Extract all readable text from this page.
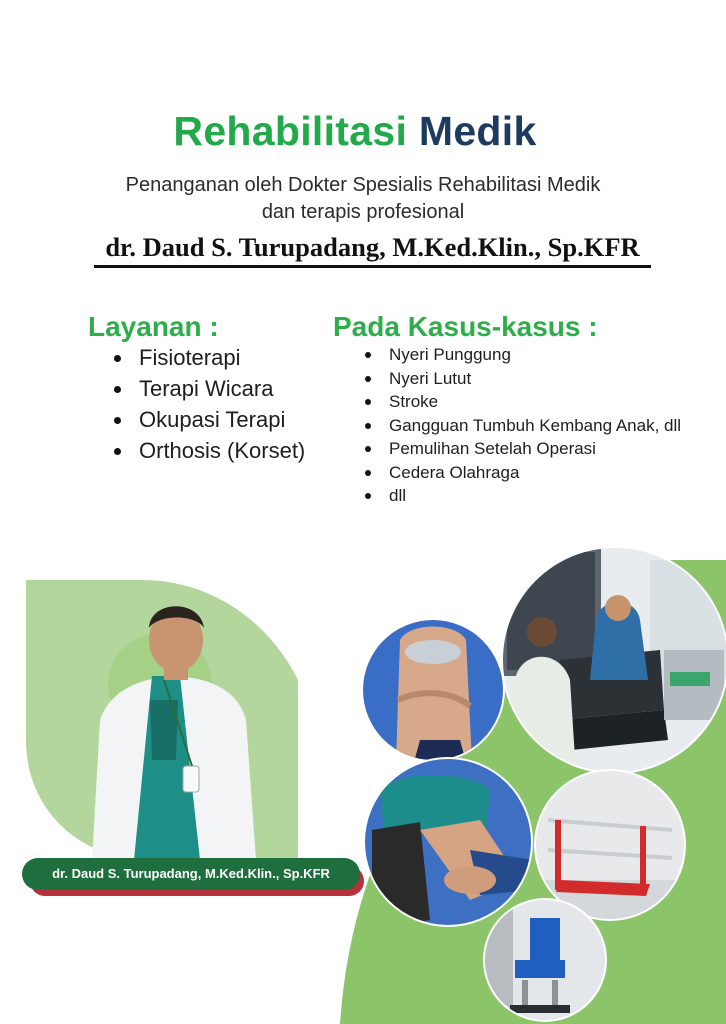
Rehabilitasi Medik
Penanganan oleh Dokter Spesialis Rehabilitasi Medik
dan terapis profesional
dr. Daud S. Turupadang, M.Ked.Klin., Sp.KFR
Layanan :
Fisioterapi
Terapi Wicara
Okupasi Terapi
Orthosis (Korset)
Pada Kasus-kasus :
Nyeri Punggung
Nyeri Lutut
Stroke
Gangguan Tumbuh Kembang Anak, dll
Pemulihan Setelah Operasi
Cedera Olahraga
dll
dr. Daud S. Turupadang, M.Ked.Klin., Sp.KFR
